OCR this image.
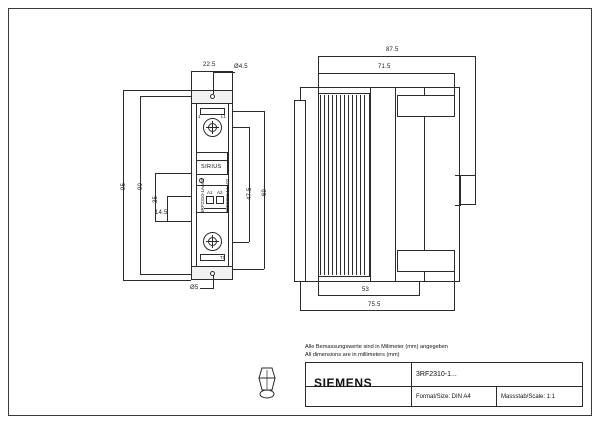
SIRIUS
A1 A2
3RF2310-1AA02	3RF2310-1AA02
1	L1
T1
22.5	Ø4.5
Ø5
95 90
35
14.5
47.5 69
87.5
71.5
53
75.5
Alle Bemassungswerte sind in Milimeter (mm) angegeben
All dimensions are in millimeters (mm)
SIEMENS
3RF2310-1...
Format/Size: DIN A4	Massstab/Scale: 1:1
